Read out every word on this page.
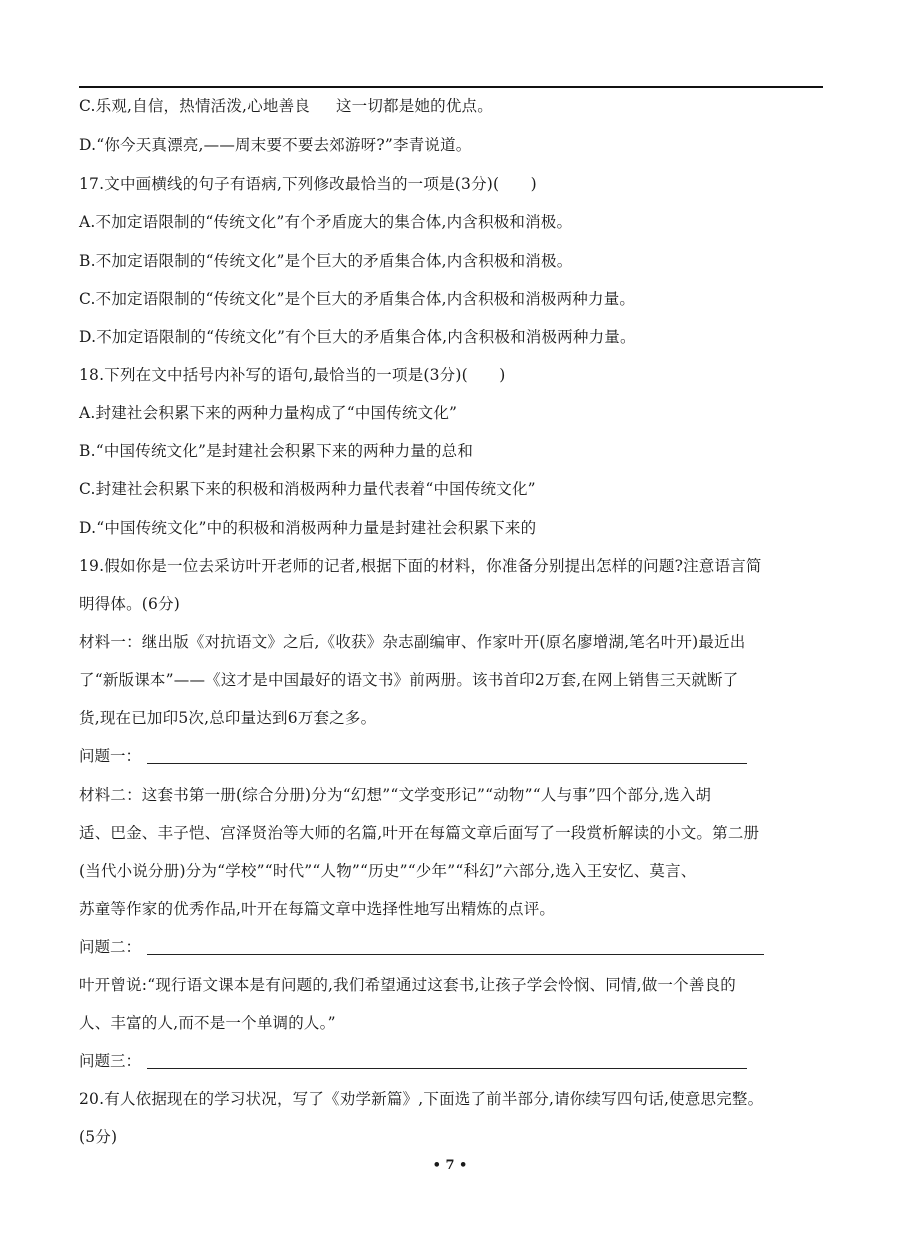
C.乐观,自信，热情活泼,心地善良 　 这一切都是她的优点。
D.“你今天真漂亮,——周末要不要去郊游呀?”李青说道。
17.文中画横线的句子有语病,下列修改最恰当的一项是(3分)(　　)
A.不加定语限制的“传统文化”有个矛盾庞大的集合体,内含积极和消极。
B.不加定语限制的“传统文化”是个巨大的矛盾集合体,内含积极和消极。
C.不加定语限制的“传统文化”是个巨大的矛盾集合体,内含积极和消极两种力量。
D.不加定语限制的“传统文化”有个巨大的矛盾集合体,内含积极和消极两种力量。
18.下列在文中括号内补写的语句,最恰当的一项是(3分)(　　)
A.封建社会积累下来的两种力量构成了“中国传统文化”
B.“中国传统文化”是封建社会积累下来的两种力量的总和
C.封建社会积累下来的积极和消极两种力量代表着“中国传统文化”
D.“中国传统文化”中的积极和消极两种力量是封建社会积累下来的
19.假如你是一位去采访叶开老师的记者,根据下面的材料，你准备分别提出怎样的问题?注意语言简
明得体。(6分)
材料一：继出版《对抗语文》之后,《收获》杂志副编审、作家叶开(原名廖增湖,笔名叶开)最近出
了“新版课本”——《这才是中国最好的语文书》前两册。该书首印2万套,在网上销售三天就断了
货,现在已加印5次,总印量达到6万套之多。
问题一：
材料二：这套书第一册(综合分册)分为“幻想”“文学变形记”“动物”“人与事”四个部分,选入胡
适、巴金、丰子恺、宫泽贤治等大师的名篇,叶开在每篇文章后面写了一段赏析解读的小文。第二册
(当代小说分册)分为“学校”“时代”“人物”“历史”“少年”“科幻”六部分,选入王安忆、莫言、
苏童等作家的优秀作品,叶开在每篇文章中选择性地写出精炼的点评。
问题二：
叶开曾说:“现行语文课本是有问题的,我们希望通过这套书,让孩子学会怜悯、同情,做一个善良的
人、丰富的人,而不是一个单调的人。”
问题三：
20.有人依据现在的学习状况，写了《劝学新篇》,下面选了前半部分,请你续写四句话,使意思完整。
(5分)
• 7 •
